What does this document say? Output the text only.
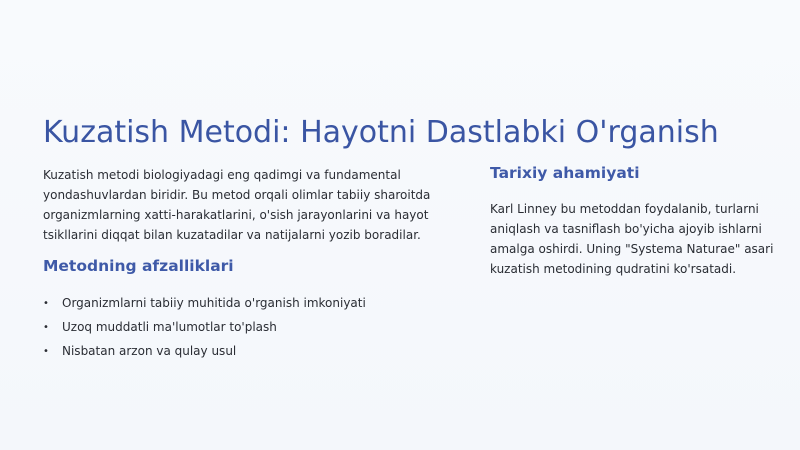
Kuzatish Metodi: Hayotni Dastlabki O'rganish

Kuzatish metodi biologiyadagi eng qadimgi va fundamental yondashuvlardan biridir. Bu metod orqali olimlar tabiiy sharoitda organizmlarning xatti-harakatlarini, o'sish jarayonlarini va hayot tsikllarini diqqat bilan kuzatadilar va natijalarni yozib boradilar.

Metodning afzalliklari
• Organizmlarni tabiiy muhitida o'rganish imkoniyati
• Uzoq muddatli ma'lumotlar to'plash
• Nisbatan arzon va qulay usul
Tarixiy ahamiyati

Karl Linney bu metoddan foydalanib, turlarni aniqlash va tasniflash bo'yicha ajoyib ishlarni amalga oshirdi. Uning "Systema Naturae" asari kuzatish metodining qudratini ko'rsatadi.
